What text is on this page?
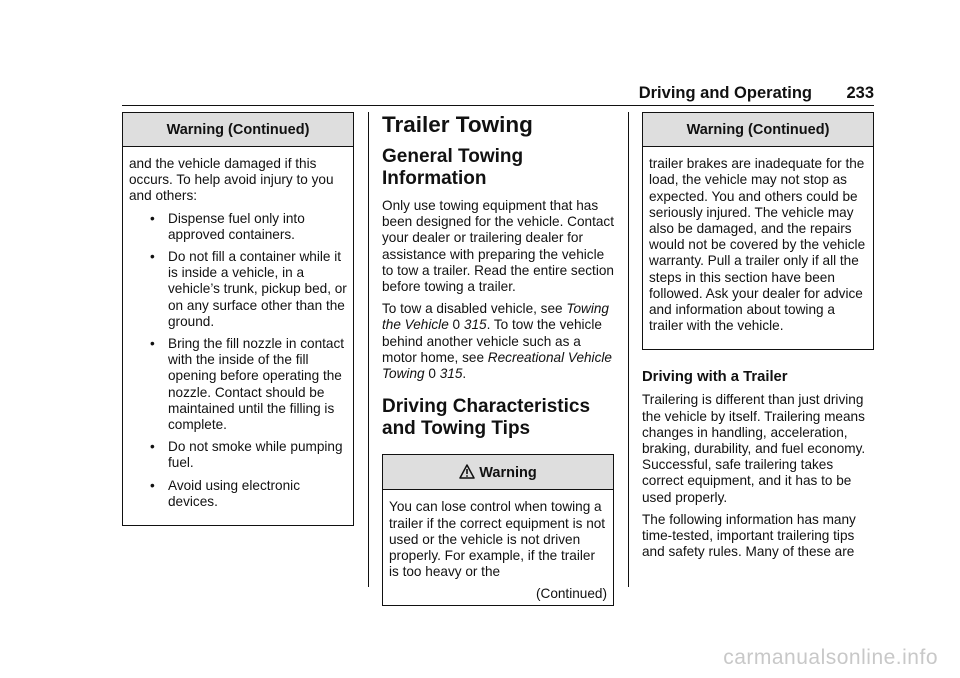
Driving and Operating 233
Warning (Continued)

and the vehicle damaged if this occurs. To help avoid injury to you and others:

• Dispense fuel only into approved containers.
• Do not fill a container while it is inside a vehicle, in a vehicle’s trunk, pickup bed, or on any surface other than the ground.
• Bring the fill nozzle in contact with the inside of the fill opening before operating the nozzle. Contact should be maintained until the filling is complete.
• Do not smoke while pumping fuel.
• Avoid using electronic devices.
Trailer Towing
General Towing Information

Only use towing equipment that has been designed for the vehicle. Contact your dealer or trailering dealer for assistance with preparing the vehicle to tow a trailer. Read the entire section before towing a trailer.

To tow a disabled vehicle, see Towing the Vehicle 0 315. To tow the vehicle behind another vehicle such as a motor home, see Recreational Vehicle Towing 0 315.

Driving Characteristics and Towing Tips
Warning

You can lose control when towing a trailer if the correct equipment is not used or the vehicle is not driven properly. For example, if the trailer is too heavy or the

(Continued)
Warning (Continued)

trailer brakes are inadequate for the load, the vehicle may not stop as expected. You and others could be seriously injured. The vehicle may also be damaged, and the repairs would not be covered by the vehicle warranty. Pull a trailer only if all the steps in this section have been followed. Ask your dealer for advice and information about towing a trailer with the vehicle.

Driving with a Trailer

Trailering is different than just driving the vehicle by itself. Trailering means changes in handling, acceleration, braking, durability, and fuel economy. Successful, safe trailering takes correct equipment, and it has to be used properly.

The following information has many time-tested, important trailering tips and safety rules. Many of these are

carmanualsonline.info
